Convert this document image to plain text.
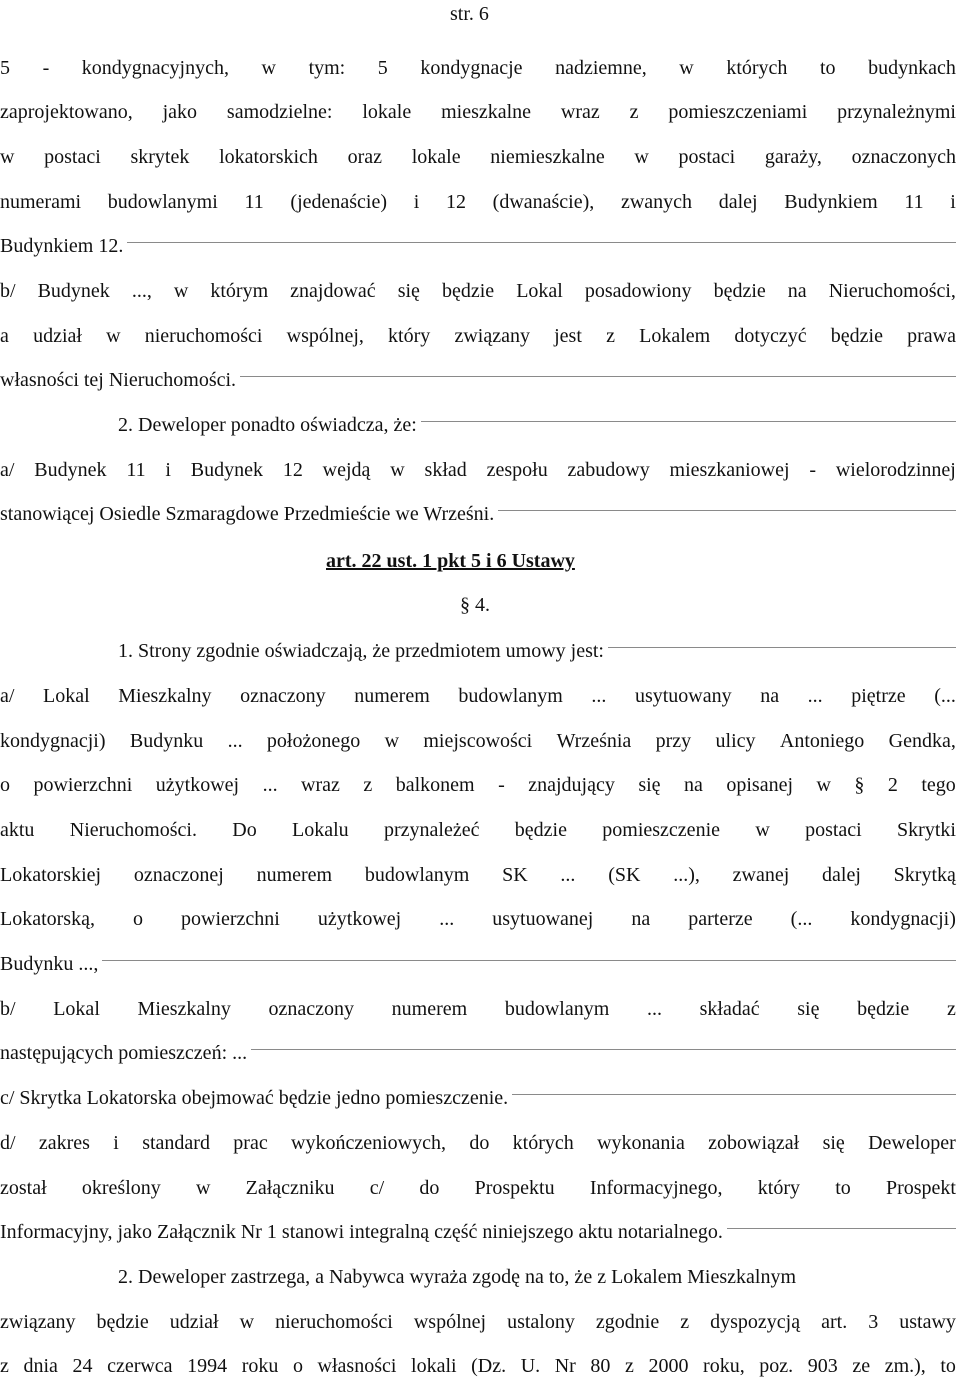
str. 6
5 - kondygnacyjnych, w tym: 5 kondygnacje nadziemne, w których to budynkach
zaprojektowano, jako samodzielne: lokale mieszkalne wraz z pomieszczeniami przynależnymi
w postaci skrytek lokatorskich oraz lokale niemieszkalne w postaci garaży, oznaczonych
numerami budowlanymi 11 (jedenaście) i 12 (dwanaście), zwanych dalej Budynkiem 11 i
Budynkiem 12.
b/ Budynek ..., w którym znajdować się będzie Lokal posadowiony będzie na Nieruchomości,
a udział w nieruchomości wspólnej, który związany jest z Lokalem dotyczyć będzie prawa
własności tej Nieruchomości.
2. Deweloper ponadto oświadcza, że:
a/ Budynek 11 i Budynek 12 wejdą w skład zespołu zabudowy mieszkaniowej - wielorodzinnej
stanowiącej Osiedle Szmaragdowe Przedmieście we Wrześni.
art. 22 ust. 1 pkt 5 i 6 Ustawy
§ 4.
1. Strony zgodnie oświadczają, że przedmiotem umowy jest:
a/ Lokal Mieszkalny oznaczony numerem budowlanym ... usytuowany na ... piętrze (...
kondygnacji) Budynku ... położonego w miejscowości Września przy ulicy Antoniego Gendka,
o powierzchni użytkowej ... wraz z balkonem - znajdujący się na opisanej w § 2 tego
aktu Nieruchomości. Do Lokalu przynależeć będzie pomieszczenie w postaci Skrytki
Lokatorskiej oznaczonej numerem budowlanym SK ... (SK ...), zwanej dalej Skrytką
Lokatorską, o powierzchni użytkowej ... usytuowanej na parterze (... kondygnacji)
Budynku ...,
b/ Lokal Mieszkalny oznaczony numerem budowlanym ... składać się będzie z
następujących pomieszczeń: ...
c/ Skrytka Lokatorska obejmować będzie jedno pomieszczenie.
d/ zakres i standard prac wykończeniowych, do których wykonania zobowiązał się Deweloper
został określony w Załączniku c/ do Prospektu Informacyjnego, który to Prospekt
Informacyjny, jako Załącznik Nr 1 stanowi integralną część niniejszego aktu notarialnego.
2. Deweloper zastrzega, a Nabywca wyraża zgodę na to, że z Lokalem Mieszkalnym
związany będzie udział w nieruchomości wspólnej ustalony zgodnie z dyspozycją art. 3 ustawy
z dnia 24 czerwca 1994 roku o własności lokali (Dz. U. Nr 80 z 2000 roku, poz. 903 ze zm.), to
